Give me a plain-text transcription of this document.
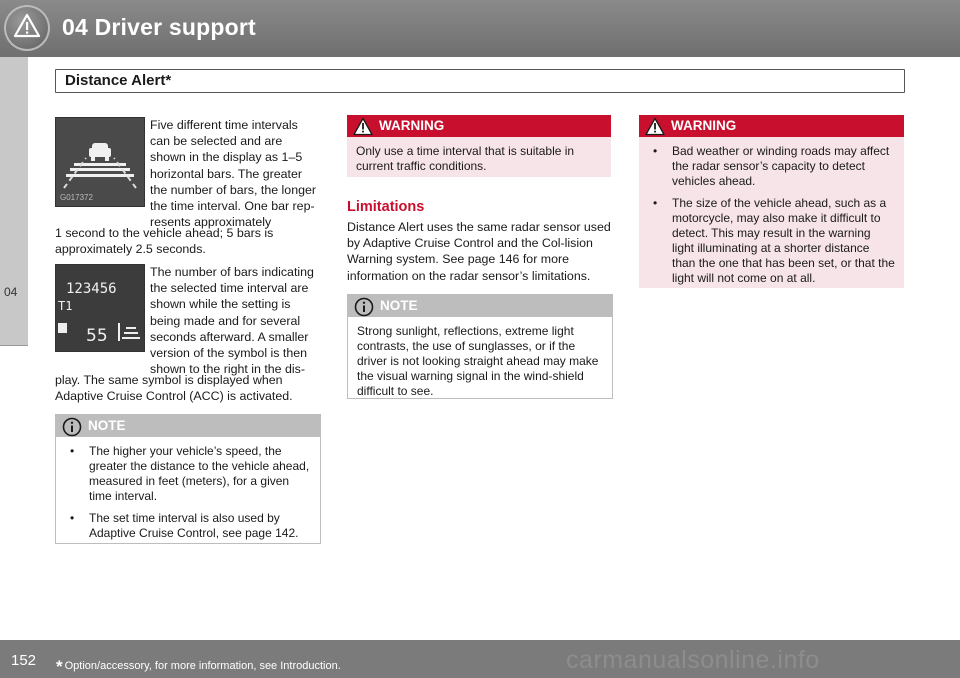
04 Driver support
04
Distance Alert*
G017372
Five different time intervals can be selected and are shown in the display as 1–5 horizontal bars. The greater the number of bars, the longer the time interval. One bar rep-resents approximately
1 second to the vehicle ahead; 5 bars is approximately 2.5 seconds.
123456
T1
55
The number of bars indicating the selected time interval are shown while the setting is being made and for several seconds afterward. A smaller version of the symbol is then shown to the right in the dis-
play. The same symbol is displayed when Adaptive Cruise Control (ACC) is activated.
NOTE
• The higher your vehicle’s speed, the greater the distance to the vehicle ahead, measured in feet (meters), for a given time interval.
• The set time interval is also used by Adaptive Cruise Control, see page 142.
WARNING
Only use a time interval that is suitable in current traffic conditions.
Limitations
Distance Alert uses the same radar sensor used by Adaptive Cruise Control and the Col-lision Warning system. See page 146 for more information on the radar sensor’s limitations.
NOTE
Strong sunlight, reflections, extreme light contrasts, the use of sunglasses, or if the driver is not looking straight ahead may make the visual warning signal in the wind-shield difficult to see.
WARNING
• Bad weather or winding roads may affect the radar sensor’s capacity to detect vehicles ahead.
• The size of the vehicle ahead, such as a motorcycle, may also make it difficult to detect. This may result in the warning light illuminating at a shorter distance than the one that has been set, or that the light will not come on at all.
152 * Option/accessory, for more information, see Introduction.	carmanualsonline.info
